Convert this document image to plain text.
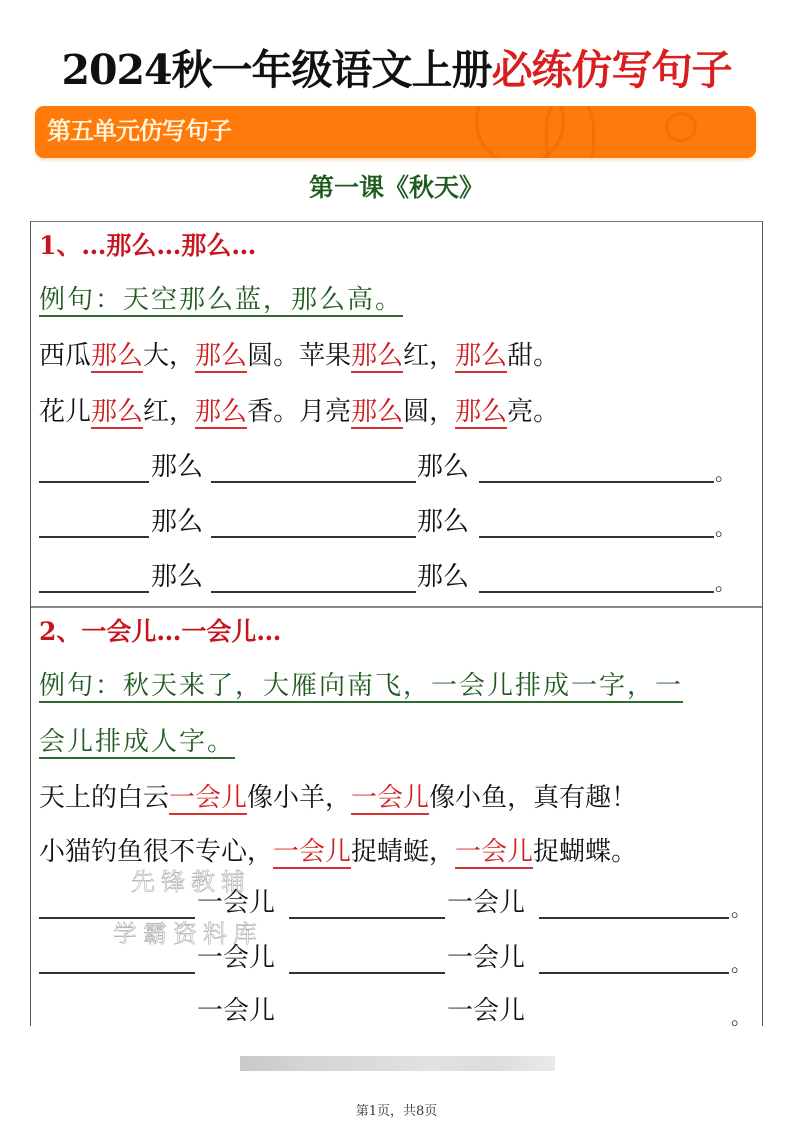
2024秋一年级语文上册必练仿写句子
第五单元仿写句子
第一课《秋天》
1、…那么…那么…
例句：天空那么蓝，那么高。
西瓜那么大，那么圆。苹果那么红，那么甜。
花儿那么红，那么香。月亮那么圆，那么亮。
那么	那么	。
那么	那么	。
那么	那么	。
2、一会儿…一会儿…
例句：秋天来了，大雁向南飞，一会儿排成一字，一
会儿排成人字。
天上的白云一会儿像小羊，一会儿像小鱼，真有趣！
小猫钓鱼很不专心，一会儿捉蜻蜓，一会儿捉蝴蝶。
一会儿	一会儿	。
一会儿	一会儿	。
一会儿	一会儿	。
先锋教辅
学霸资料库
第1页，共8页
